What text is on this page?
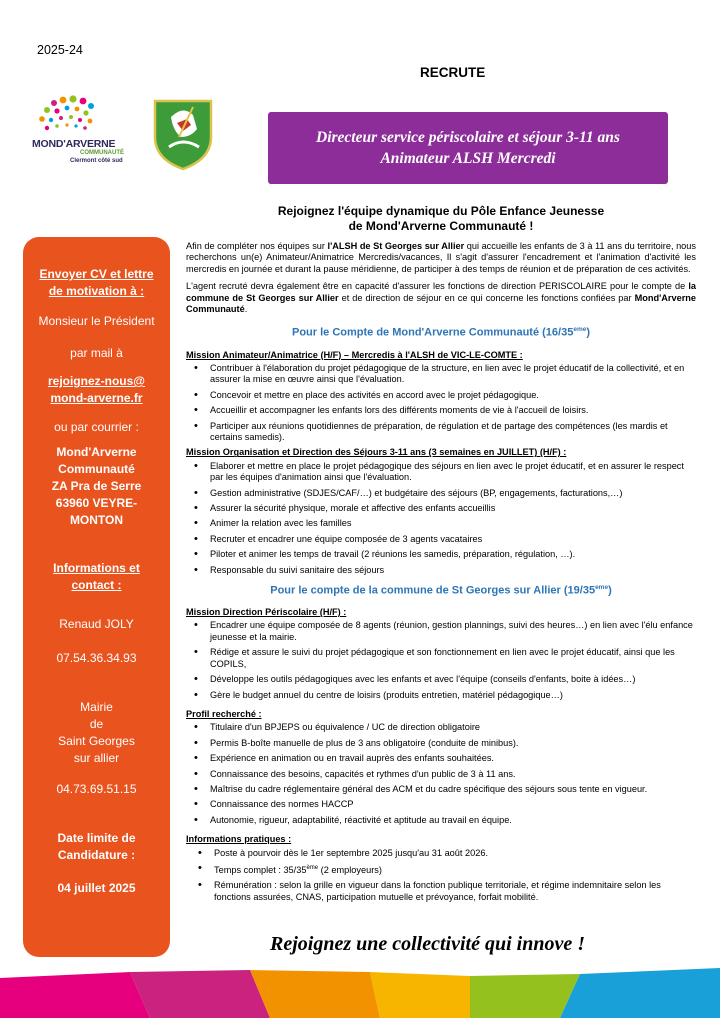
2025-24
RECRUTE
MOND'ARVERNE
COMMUNAUTÉ
Clermont côté sud
Directeur service périscolaire et séjour 3-11 ans
Animateur ALSH Mercredi
Rejoignez l'équipe dynamique du Pôle Enfance Jeunesse
de Mond'Arverne Communauté !
Envoyer CV et lettre de motivation à :
Monsieur le Président
par mail à
rejoignez-nous@mond-arverne.fr
ou par courrier :
Mond'Arverne Communauté
ZA Pra de Serre
63960 VEYRE-MONTON
Informations et contact :
Renaud JOLY
07.54.36.34.93
Mairie
de
Saint Georges
sur allier
04.73.69.51.15
Date limite de Candidature :
04 juillet 2025

Afin de compléter nos équipes sur l'ALSH de St Georges sur Allier qui accueille les enfants de 3 à 11 ans du territoire, nous recherchons un(e) Animateur/Animatrice Mercredis/vacances, Il s'agit d'assurer l'encadrement et l'animation d'activité les mercredis en journée et durant la pause méridienne, de participer à des temps de réunion et de préparation de ces activités.

L'agent recruté devra également être en capacité d'assurer les fonctions de direction PERISCOLAIRE pour le compte de la commune de St Georges sur Allier et de direction de séjour en ce qui concerne les fonctions confiées par Mond'Arverne Communauté.

Pour le Compte de Mond'Arverne Communauté (16/35eme)
Mission Animateur/Animatrice (H/F) – Mercredis à l'ALSH de VIC-LE-COMTE :
• Contribuer à l'élaboration du projet pédagogique de la structure, en lien avec le projet éducatif de la collectivité, et en assurer la mise en œuvre ainsi que l'évaluation.
• Concevoir et mettre en place des activités en accord avec le projet pédagogique.
• Accueillir et accompagner les enfants lors des différents moments de vie à l'accueil de loisirs.
• Participer aux réunions quotidiennes de préparation, de régulation et de partage des compétences (les mardis et certains samedis).
Mission Organisation et Direction des Séjours 3-11 ans (3 semaines en JUILLET) (H/F) :
• Elaborer et mettre en place le projet pédagogique des séjours en lien avec le projet éducatif, et en assurer le respect par les équipes d'animation ainsi que l'évaluation.
• Gestion administrative (SDJES/CAF/…) et budgétaire des séjours (BP, engagements, facturations,…)
• Assurer la sécurité physique, morale et affective des enfants accueillis
• Animer la relation avec les familles
• Recruter et encadrer une équipe composée de 3 agents vacataires
• Piloter et animer les temps de travail (2 réunions les samedis, préparation, régulation, …).
• Responsable du suivi sanitaire des séjours
Pour le compte de la commune de St Georges sur Allier (19/35eme)
Mission Direction Périscolaire (H/F) :
• Encadrer une équipe composée de 8 agents (réunion, gestion plannings, suivi des heures…) en lien avec l'élu enfance jeunesse et la mairie.
• Rédige et assure le suivi du projet pédagogique et son fonctionnement en lien avec le projet éducatif, ainsi que les COPILS,
• Développe les outils pédagogiques avec les enfants et avec l'équipe (conseils d'enfants, boite à idées…)
• Gère le budget annuel du centre de loisirs (produits entretien, matériel pédagogique…)
Profil recherché :
• Titulaire d'un BPJEPS ou équivalence / UC de direction obligatoire
• Permis B-boîte manuelle de plus de 3 ans obligatoire (conduite de minibus).
• Expérience en animation ou en travail auprès des enfants souhaitées.
• Connaissance des besoins, capacités et rythmes d'un public de 3 à 11 ans.
• Maîtrise du cadre réglementaire général des ACM et du cadre spécifique des séjours sous tente en vigueur.
• Connaissance des normes HACCP
• Autonomie, rigueur, adaptabilité, réactivité et aptitude au travail en équipe.
Informations pratiques :
• Poste à pourvoir dès le 1er septembre 2025 jusqu'au 31 août 2026.
• Temps complet : 35/35ème (2 employeurs)
• Rémunération : selon la grille en vigueur dans la fonction publique territoriale, et régime indemnitaire selon les fonctions assurées, CNAS, participation mutuelle et prévoyance, forfait mobilité.
Rejoignez une collectivité qui innove !
